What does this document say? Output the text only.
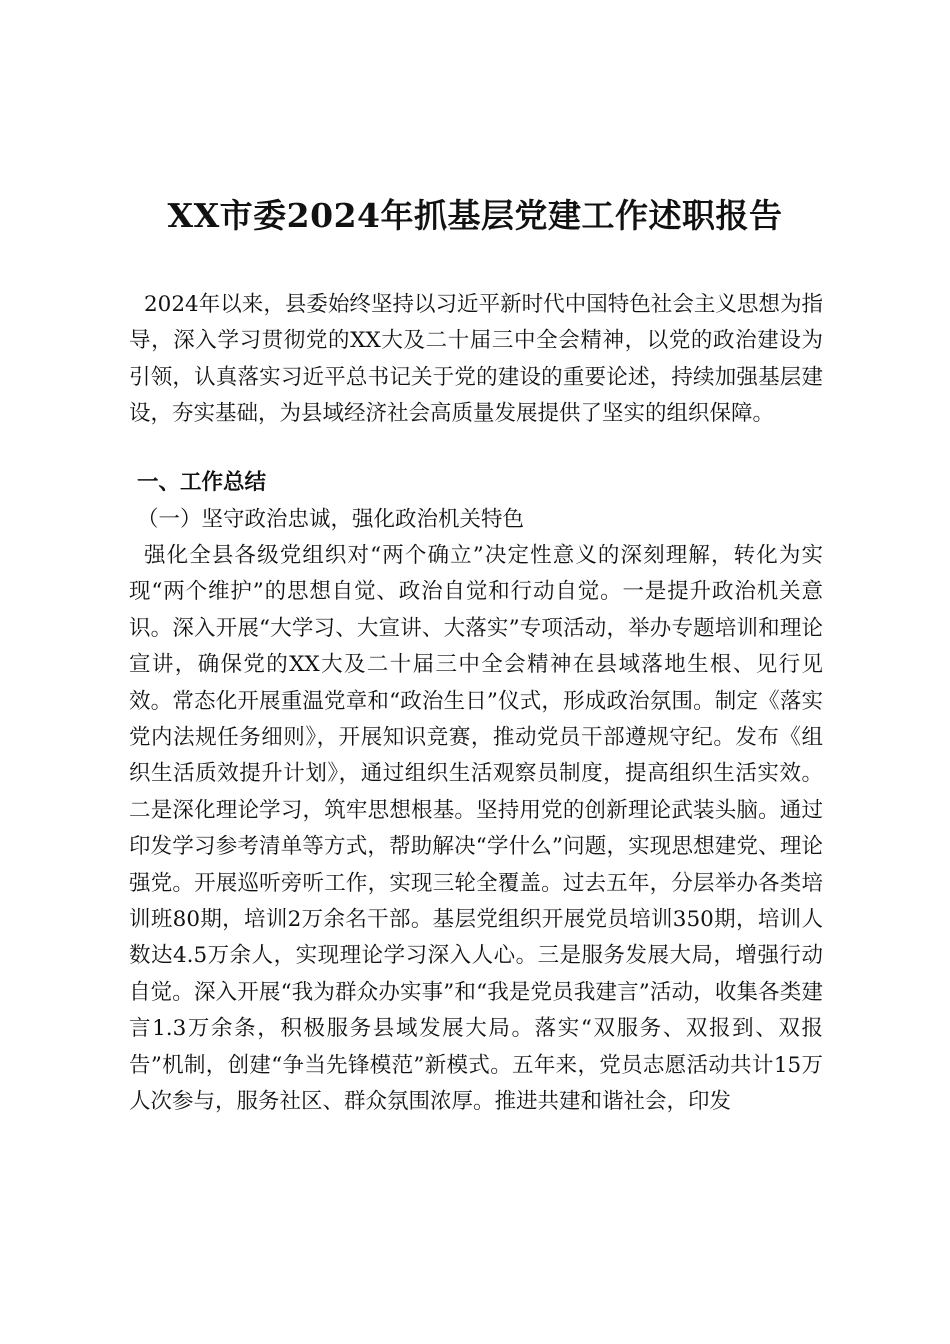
XX市委2024年抓基层党建工作述职报告

2024年以来，县委始终坚持以习近平新时代中国特色社会主义思想为指导，深入学习贯彻党的XX大及二十届三中全会精神，以党的政治建设为引领，认真落实习近平总书记关于党的建设的重要论述，持续加强基层建设，夯实基础，为县域经济社会高质量发展提供了坚实的组织保障。

一、工作总结

（一）坚守政治忠诚，强化政治机关特色

强化全县各级党组织对“两个确立”决定性意义的深刻理解，转化为实现“两个维护”的思想自觉、政治自觉和行动自觉。一是提升政治机关意识。深入开展“大学习、大宣讲、大落实”专项活动，举办专题培训和理论宣讲，确保党的XX大及二十届三中全会精神在县域落地生根、见行见效。常态化开展重温党章和“政治生日”仪式，形成政治氛围。制定《落实党内法规任务细则》，开展知识竞赛，推动党员干部遵规守纪。发布《组织生活质效提升计划》，通过组织生活观察员制度，提高组织生活实效。二是深化理论学习，筑牢思想根基。坚持用党的创新理论武装头脑。通过印发学习参考清单等方式，帮助解决“学什么”问题，实现思想建党、理论强党。开展巡听旁听工作，实现三轮全覆盖。过去五年，分层举办各类培训班80期，培训2万余名干部。基层党组织开展党员培训350期，培训人数达4.5万余人，实现理论学习深入人心。三是服务发展大局，增强行动自觉。深入开展“我为群众办实事”和“我是党员我建言”活动，收集各类建言1.3万余条，积极服务县域发展大局。落实“双服务、双报到、双报告”机制，创建“争当先锋模范”新模式。五年来，党员志愿活动共计15万人次参与，服务社区、群众氛围浓厚。推进共建和谐社会，印发
